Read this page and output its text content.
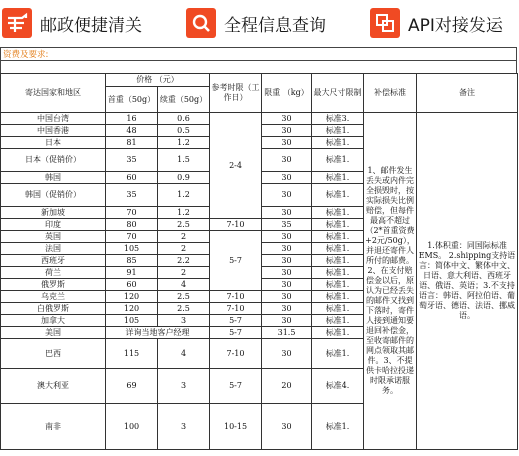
邮政便捷清关	全程信息查询	API对接发运
资费及要求:
寄达国家和地区	价格 （元）		参考时限（工作日）	限重 （kg）	最大尺寸限制	补偿标准	备注
	首重（50g）	续重（50g）					
中国台湾	16	0.6	2-4	30	标准3.	1、邮件发生丢失或内件完全损毁时，按实际损失比例赔偿，但每件最高不超过（2*首重资费+2元/50g），并退还寄件人所付的邮费。2、在支付赔偿金以后，原认为已经丢失的邮件又找到下落时，寄件人接到通知要退回补偿金，至收寄邮件的网点领取其邮件。3、不提供卡哈拉投递时限承诺服务。	1.体积重：同国际标准EMS。 2.shipping支持语言：简体中文、繁体中文、日语、意大利语、西班牙语、俄语、英语；3.不支持语言：韩语、阿拉伯语、葡萄牙语、德语、法语、挪威语。
中国香港	48	0.5		30	标准1.		
日本	81	1.2		30	标准1.		
日本（促销价）	35	1.5		30	标准1.		
韩国	60	0.9		30	标准1.		
韩国（促销价）	35	1.2		30	标准1.		
新加坡	70	1.2		30	标准1.		
印度	80	2.5	7-10	35	标准1.		
英国	70	2	5-7	30	标准1.		
法国	105	2		30	标准1.		
西班牙	85	2.2		30	标准1.		
荷兰	91	2		30	标准1.		
俄罗斯	60	4		30	标准1.		
乌克兰	120	2.5	7-10	30	标准1.		
白俄罗斯	120	2.5	7-10	30	标准1.		
加拿大	105	3	5-7	30	标准1.		
美国	详询当地客户经理		5-7	31.5	标准1.		
巴西	115	4	7-10	30	标准1.		
澳大利亚	69	3	5-7	20	标准4.		
南非	100	3	10-15	30	标准1.		
